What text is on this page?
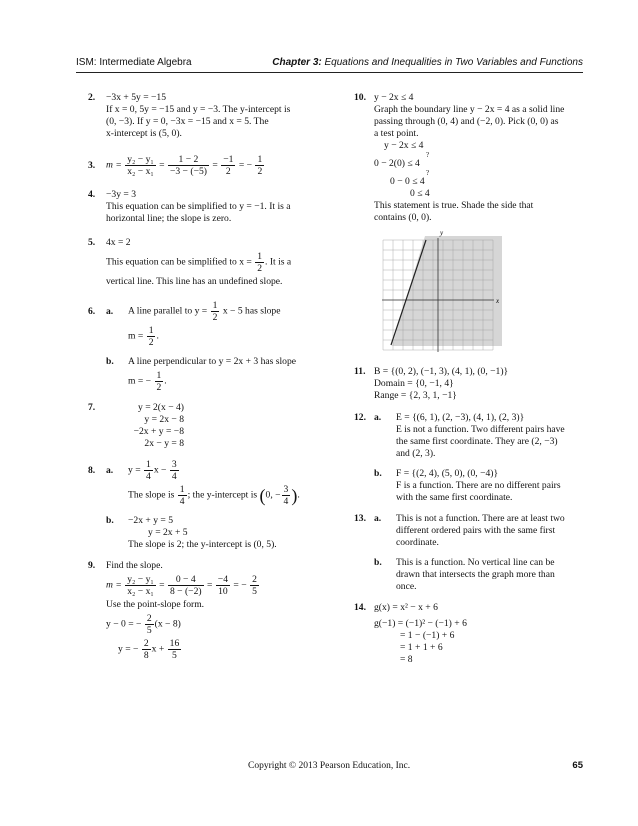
ISM: Intermediate Algebra	Chapter 3: Equations and Inequalities in Two Variables and Functions
2. −3x + 5y = −15
If x = 0, 5y = −15 and y = −3. The y-intercept is
(0, −3). If y = 0, −3x = −15 and x = 5. The
x-intercept is (5, 0).
3. $m = \frac{\text{y₂ − y₁}}{\text{x₂ − x₁}} = \frac{1 - 2}{-3 - (-5)} = \frac{-1}{2}$ = − $\frac{1}{2}$
4. −3y = 3
This equation can be simplified to y = −1. It is a
horizontal line; the slope is zero.
5. 4x = 2
This equation can be simplified to $x = \frac{1}{2}$ . It is a
vertical line. This line has an undefined slope.
6. a. A line parallel to $y = \frac{1}{2}$ x − 5 has slope
$m = \frac{1}{2}$ .
b. A line perpendicular to y = 2x + 3 has slope
m = − $\frac{1}{2}$ .
7.	y = 2(x − 4)
y = 2x − 8
−2x + y = −8
2x − y = 8
8. a. $y = \frac{1}{4}$ $x - \frac{3}{4}$
The slope is $\frac{1}{4}$ ; the y-intercept is (0, − $\frac{3}{4}$ ).
b. −2x + y = 5
y = 2x + 5
The slope is 2; the y-intercept is (0, 5).
9. Find the slope.
$m = \frac{\text{y₂ − y₁}}{\text{x₂ − x₁}} = \frac{0 - 4}{8 - (-2)} = \frac{-4}{10}$ = − $\frac{2}{5}$
Use the point-slope form.
y − 0 = − $\frac{2}{5} (x - 8)$
y = − $\frac{2}{8}$ $x + \frac{16}{5}$
10. y − 2x ≤ 4
Graph the boundary line y − 2x = 4 as a solid line
passing through (0, 4) and (−2, 0). Pick (0, 0) as
a test point.
y − 2x ≤ 4
?
0 − 2(0) ≤ 4
?
0 − 0 ≤ 4
0 ≤ 4
This statement is true. Shade the side that
contains (0, 0).
x
y
11. B = {(0, 2), (−1, 3), (4, 1), (0, −1)}
Domain = {0, −1, 4}
Range = {2, 3, 1, −1}
12. a. E = {(6, 1), (2, −3), (4, 1), (2, 3)}
E is not a function. Two different pairs have
the same first coordinate. They are (2, −3)
and (2, 3).
b. F = {(2, 4), (5, 0), (0, −4)}
F is a function. There are no different pairs
with the same first coordinate.
13. a. This is not a function. There are at least two
different ordered pairs with the same first
coordinate.
b. This is a function. No vertical line can be
drawn that intersects the graph more than
once.
14. g(x) = x² − x + 6
g(−1) = (−1)² − (−1) + 6
= 1 − (−1) + 6
= 1 + 1 + 6
= 8
Copyright © 2013 Pearson Education, Inc.	65
